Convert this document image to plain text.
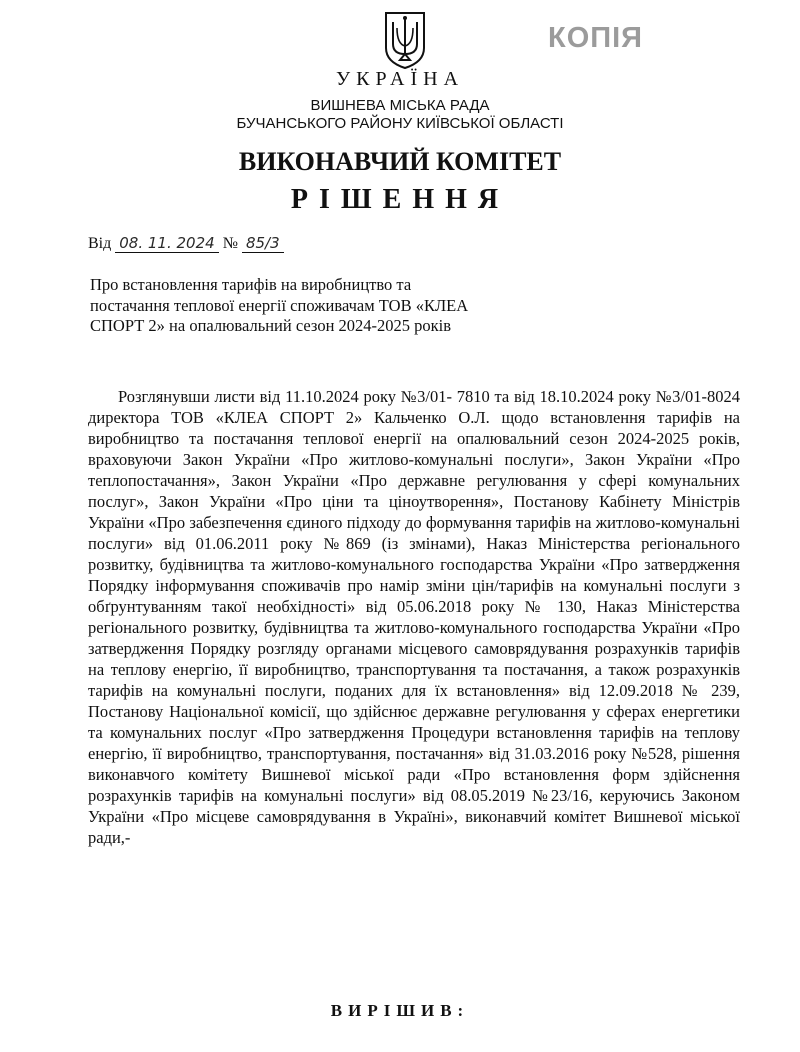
КОПІЯ
УКРАЇНА
ВИШНЕВА МІСЬКА РАДА
БУЧАНСЬКОГО РАЙОНУ КИЇВСЬКОЇ ОБЛАСТІ
ВИКОНАВЧИЙ КОМІТЕТ
РІШЕННЯ
Від 08. 11. 2024 № 85/3
Про встановлення тарифів на виробництво та постачання теплової енергії споживачам ТОВ «КЛЕА СПОРТ 2» на опалювальний сезон 2024-2025 років
Розглянувши листи від 11.10.2024 року №3/01- 7810 та від 18.10.2024 року №3/01-8024 директора ТОВ «КЛЕА СПОРТ 2» Кальченко О.Л. щодо встановлення тарифів на виробництво та постачання теплової енергії на опалювальний сезон 2024-2025 років, враховуючи Закон України «Про житлово-комунальні послуги», Закон України «Про теплопостачання», Закон України «Про державне регулювання у сфері комунальних послуг», Закон України «Про ціни та ціноутворення», Постанову Кабінету Міністрів України «Про забезпечення єдиного підходу до формування тарифів на житлово-комунальні послуги» від 01.06.2011 року №869 (із змінами), Наказ Міністерства регіонального розвитку, будівництва та житлово-комунального господарства України «Про затвердження Порядку інформування споживачів про намір зміни цін/тарифів на комунальні послуги з обґрунтуванням такої необхідності» від 05.06.2018 року № 130, Наказ Міністерства регіонального розвитку, будівництва та житлово-комунального господарства України «Про затвердження Порядку розгляду органами місцевого самоврядування розрахунків тарифів на теплову енергію, її виробництво, транспортування та постачання, а також розрахунків тарифів на комунальні послуги, поданих для їх встановлення» від 12.09.2018 № 239, Постанову Національної комісії, що здійснює державне регулювання у сферах енергетики та комунальних послуг «Про затвердження Процедури встановлення тарифів на теплову енергію, її виробництво, транспортування, постачання» від 31.03.2016 року №528, рішення виконавчого комітету Вишневої міської ради «Про встановлення форм здійснення розрахунків тарифів на комунальні послуги» від 08.05.2019 №23/16, керуючись Законом України «Про місцеве самоврядування в Україні», виконавчий комітет Вишневої міської ради,-
ВИРІШИВ:
